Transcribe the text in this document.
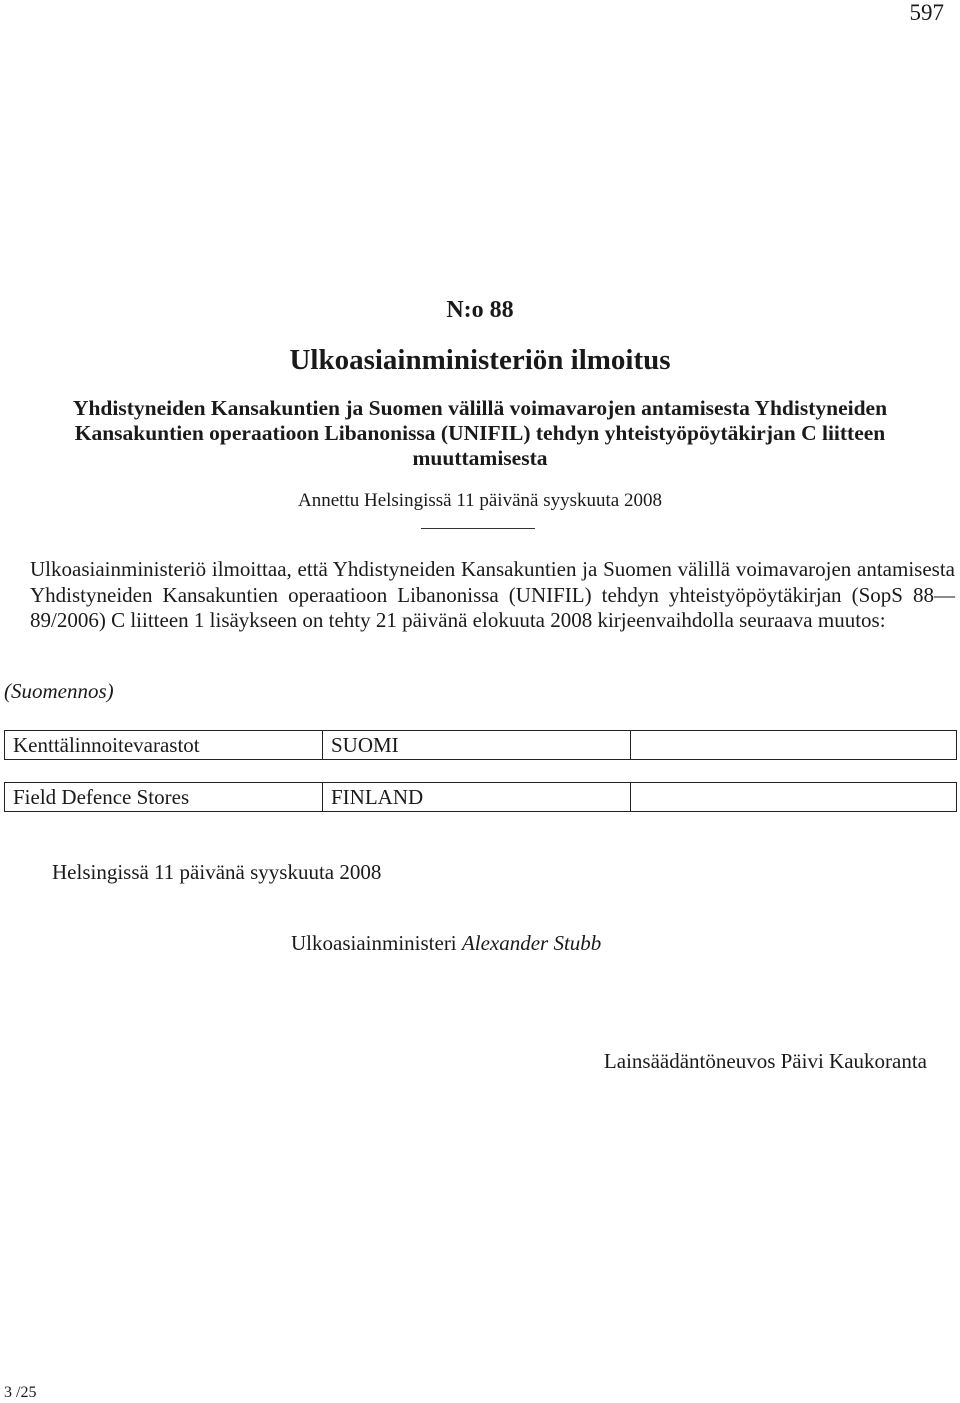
597
N:o 88
Ulkoasiainministeriön ilmoitus
Yhdistyneiden Kansakuntien ja Suomen välillä voimavarojen antamisesta Yhdistyneiden
Kansakuntien operaatioon Libanonissa (UNIFIL) tehdyn yhteistyöpöytäkirjan C liitteen
muuttamisesta
Annettu Helsingissä 11 päivänä syyskuuta 2008
Ulkoasiainministeriö ilmoittaa, että Yhdistyneiden Kansakuntien ja Suomen välillä voimavarojen antamisesta Yhdistyneiden Kansakuntien operaatioon Libanonissa (UNIFIL) tehdyn yhteistyöpöytäkirjan (SopS 88—89/2006) C liitteen 1 lisäykseen on tehty 21 päivänä elokuuta 2008 kirjeenvaihdolla seuraava muutos:
(Suomennos)
Kenttälinnoitevarastot	SUOMI	
Field Defence Stores	FINLAND	
Helsingissä 11 päivänä syyskuuta 2008
Ulkoasiainministeri Alexander Stubb
Lainsäädäntöneuvos Päivi Kaukoranta
3 /25
